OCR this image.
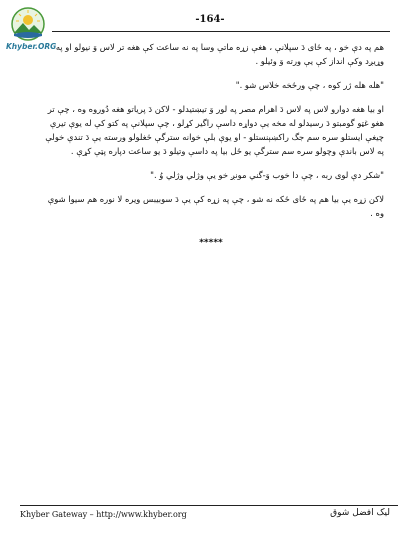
Khyber.ORG
-164-

هم په دې خو ، په ځای دَ سپلانې ، هغې زړه ماتې وسا په نه ساعت کې هغه تر لاس وَ نيولو او په وړيږد وکې انداز کې يې ورته وَ وئيلو .

"هله هله ژر کوه ، چې ورځخه خلاس شو ."

او بيا هغه دوارو لاس په لاس دَ اهرام مصر په لور وَ تيښتيدلو - لاکن دَ پرياتو هغه دُوروه وه ، چې تر هغو غټو گومبتو دَ رسيدلو له مخه يې دواړه داسې راگير کړلو ، چې سپلانې په کتو کې له يوې تيرې چيغې ايستلو سره سم جگ راکښېنستلو - او يوې بلې خوانه سترگې څغلولو ورسته يې دَ تندې خولې په لاس باندې وچولو سره سم سترگې يو ځل بيا په داسې وتيلو دَ يو ساعت دپاره پټې کړې .

"شکر دې لوى ربه ، چې دا خوب وَ-گني مونږ خو يې وژلي وژلي وُ ."

لاکن زړه يې بيا هم په ځای ځکه نه شو ، چې په زړه کې يې دَ سوبيبس ويره لا نوره هم سيوا شوې وه .

*****
Khyber Gateway – http://www.khyber.org	ليک افضل شوق
